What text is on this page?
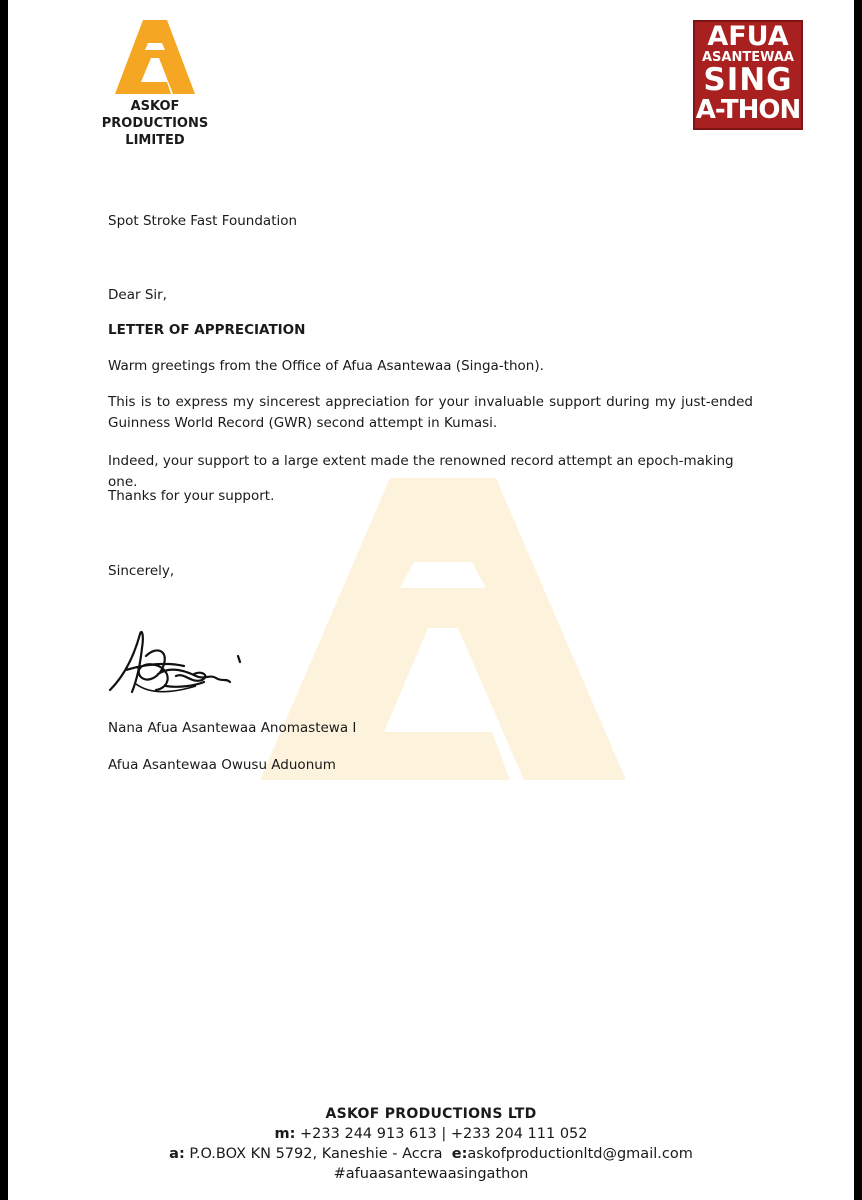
ASKOF
PRODUCTIONS
LIMITED
AFUA
ASANTEWAA
SING
A-THON
Spot Stroke Fast Foundation
Dear Sir,
LETTER OF APPRECIATION
Warm greetings from the Office of Afua Asantewaa (Singa-thon).
This is to express my sincerest appreciation for your invaluable support during my just-ended Guinness World Record (GWR) second attempt in Kumasi.
Indeed, your support to a large extent made the renowned record attempt an epoch-making one.
Thanks for your support.
Sincerely,
Nana Afua Asantewaa Anomastewa I
Afua Asantewaa Owusu Aduonum
ASKOF PRODUCTIONS LTD
m: +233 244 913 613 | +233 204 111 052
a: P.O.BOX KN 5792, Kaneshie - Accra e:askofproductionltd@gmail.com
#afuaasantewaasingathon
